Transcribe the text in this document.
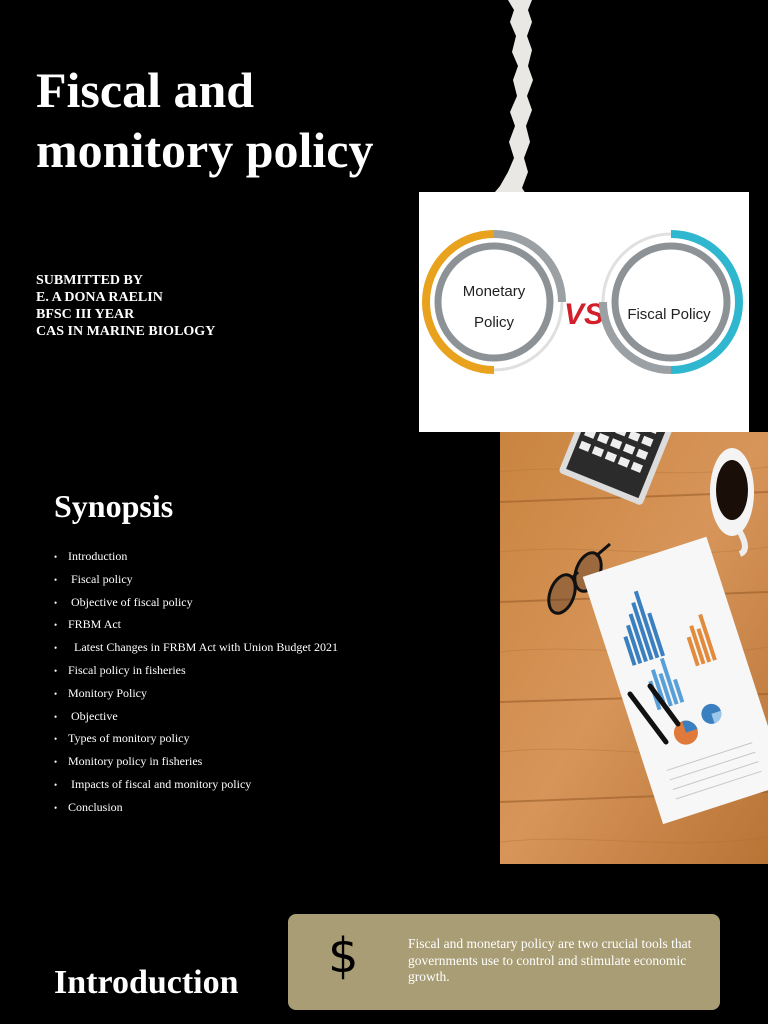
Fiscal and
monitory policy
SUBMITTED BY
E. A DONA RAELIN
BFSC III YEAR
CAS IN MARINE BIOLOGY
Monetary
Policy VS Fiscal Policy
Synopsis
• Introduction
• Fiscal policy
• Objective of fiscal policy
• FRBM Act
•  Latest Changes in FRBM Act with Union Budget 2021
• Fiscal policy in fisheries
• Monitory Policy
• Objective
• Types of monitory policy
• Monitory policy in fisheries
• Impacts of fiscal and monitory policy
• Conclusion
Introduction $	Fiscal and monetary policy are two crucial tools that governments use to control and stimulate economic growth.
